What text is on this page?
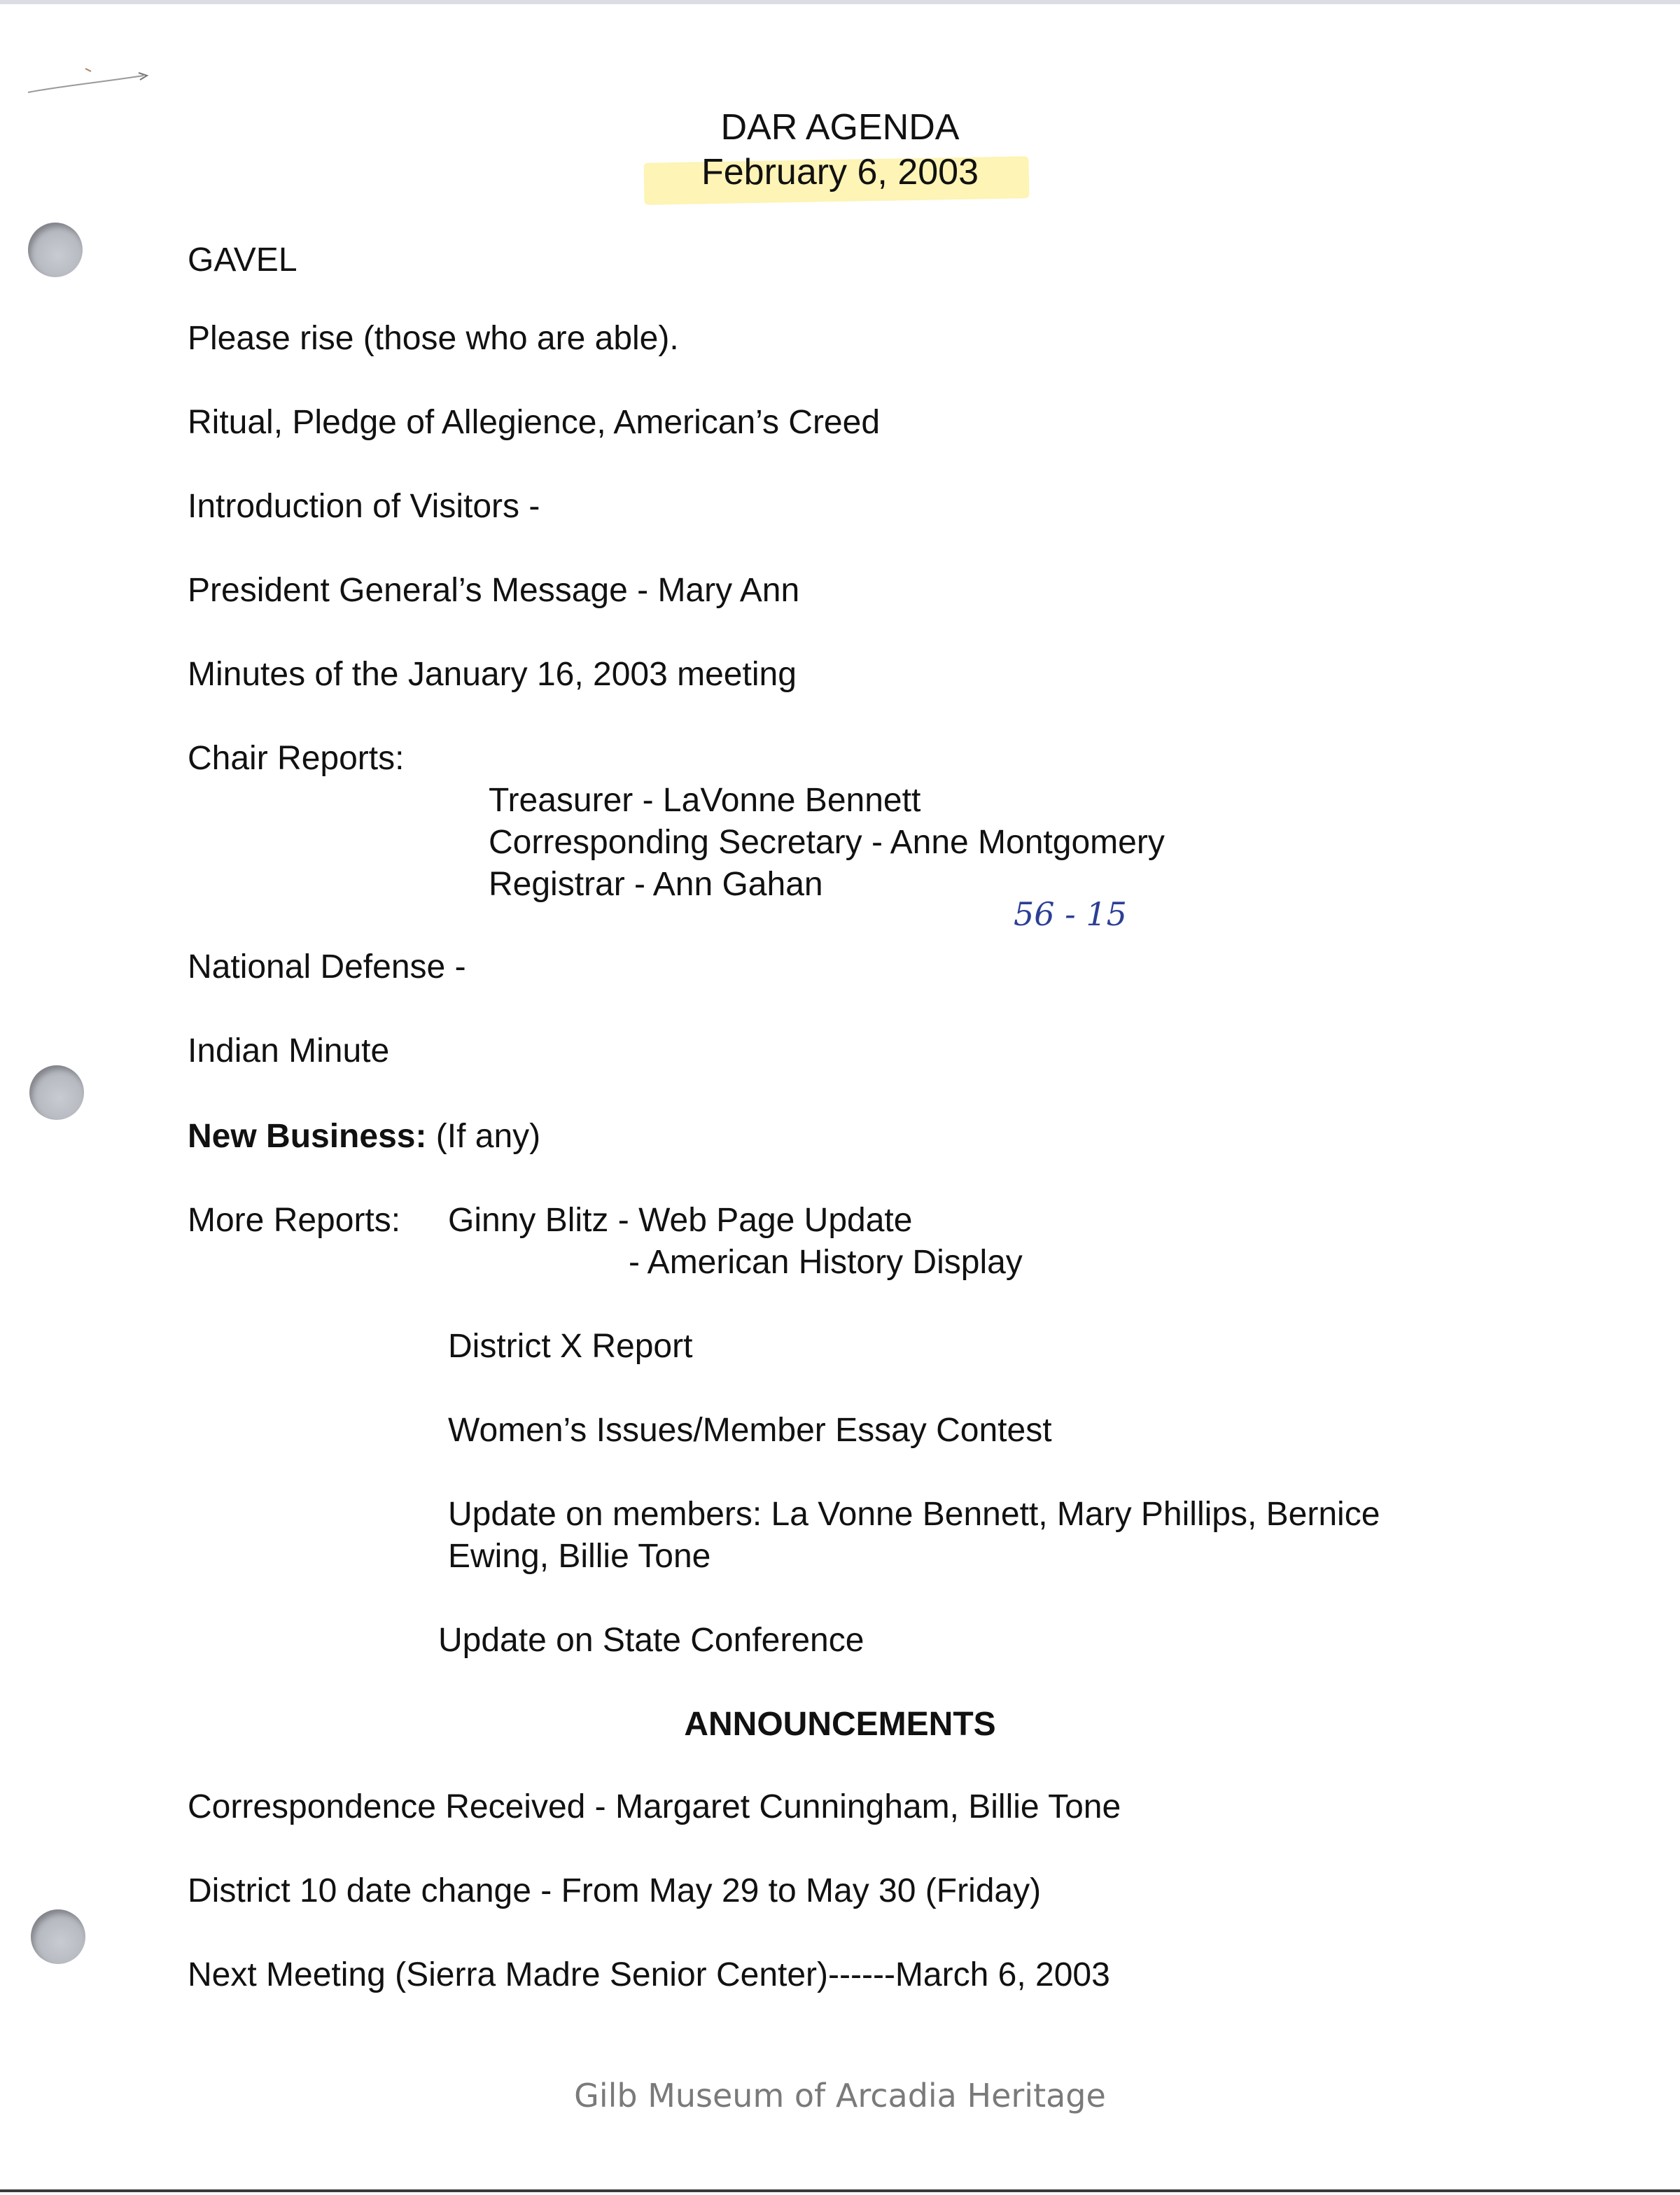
DAR AGENDA
February 6, 2003
GAVEL
Please rise (those who are able).
Ritual, Pledge of Allegience, American’s Creed
Introduction of Visitors -
President General’s Message - Mary Ann
Minutes of the January 16, 2003 meeting
Chair Reports:
Treasurer - LaVonne Bennett
Corresponding Secretary - Anne Montgomery
Registrar - Ann Gahan
56 - 15
National Defense -
Indian Minute
New Business: (If any)
More Reports: Ginny Blitz - Web Page Update
- American History Display
District X Report
Women’s Issues/Member Essay Contest
Update on members: La Vonne Bennett, Mary Phillips, Bernice
Ewing, Billie Tone
Update on State Conference
ANNOUNCEMENTS
Correspondence Received - Margaret Cunningham, Billie Tone
District 10 date change - From May 29 to May 30 (Friday)
Next Meeting (Sierra Madre Senior Center)------March 6, 2003
Gilb Museum of Arcadia Heritage
